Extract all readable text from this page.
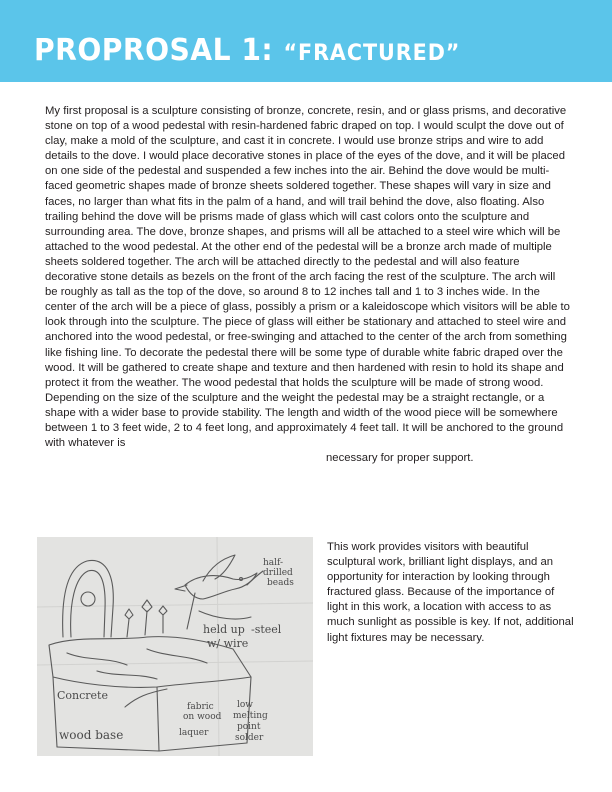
PROPROSAL 1: “FRACTURED”

My first proposal is a sculpture consisting of bronze, concrete, resin, and or glass prisms, and decorative stone on top of a wood pedestal with resin-hardened fabric draped on top. I would sculpt the dove out of clay, make a mold of the sculpture, and cast it in concrete. I would use bronze strips and wire to add details to the dove. I would place decorative stones in place of the eyes of the dove, and it will be placed on one side of the pedestal and suspended a few inches into the air. Behind the dove would be multi-faced geometric shapes made of bronze sheets soldered together. These shapes will vary in size and faces, no larger than what fits in the palm of a hand, and will trail behind the dove, also floating. Also trailing behind the dove will be prisms made of glass which will cast colors onto the sculpture and surrounding area. The dove, bronze shapes, and prisms will all be attached to a steel wire which will be attached to the wood pedestal. At the other end of the pedestal will be a bronze arch made of multiple sheets soldered together. The arch will be attached directly to the pedestal and will also feature decorative stone details as bezels on the front of the arch facing the rest of the sculpture. The arch will be roughly as tall as the top of the dove, so around 8 to 12 inches tall and 1 to 3 inches wide. In the center of the arch will be a piece of glass, possibly a prism or a kaleidoscope which visitors will be able to look through into the sculpture. The piece of glass will either be stationary and attached to steel wire and anchored into the wood pedestal, or free-swinging and attached to the center of the arch from something like fishing line. To decorate the pedestal there will be some type of durable white fabric draped over the wood. It will be gathered to create shape and texture and then hardened with resin to hold its shape and protect it from the weather. The wood pedestal that holds the sculpture will be made of strong wood. Depending on the size of the sculpture and the weight the pedestal may be a straight rectangle, or a shape with a wider base to provide stability. The length and width of the wood piece will be somewhere between 1 to 3 feet wide, 2 to 4 feet long, and approximately 4 feet tall. It will be anchored to the ground with whatever is
necessary for proper support.

half-
drilled
beads
held up -steel
w/ wire
Concrete
fabric
on wood
low
melting
point
solder
laquer
wood base

This work provides visitors with beautiful sculptural work, brilliant light displays, and an opportunity for interaction by looking through fractured glass. Because of the importance of light in this work, a location with access to as much sunlight as possible is key. If not, additional light fixtures may be necessary.
